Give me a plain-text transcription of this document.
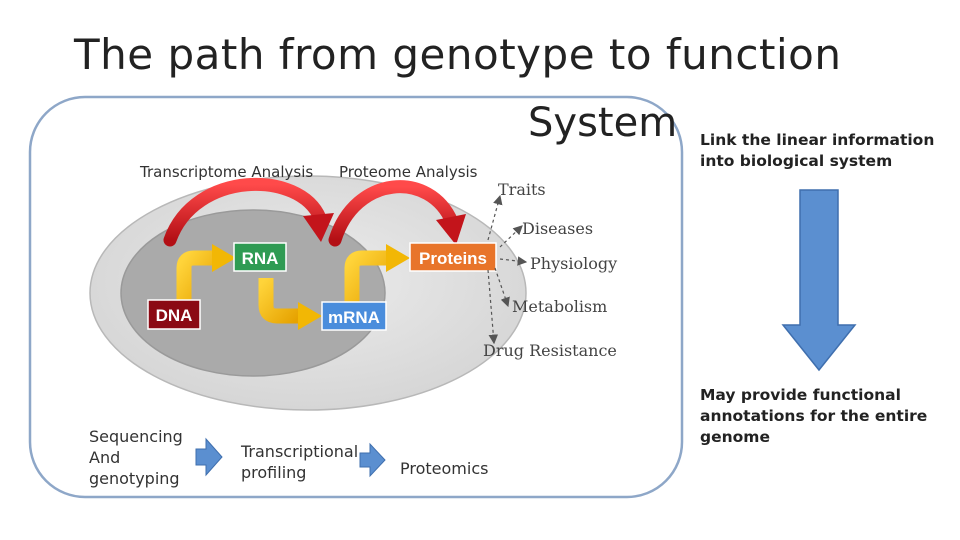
DNA
RNA
mRNA
Proteins
Traits
Diseases
Physiology
Metabolism
Drug Resistance
The path from genotype to function
System
Transcriptome Analysis Proteome Analysis
Link the linear information into biological system
May provide functional annotations for the entire genome
Sequencing And genotyping
Transcriptional profiling	Proteomics
